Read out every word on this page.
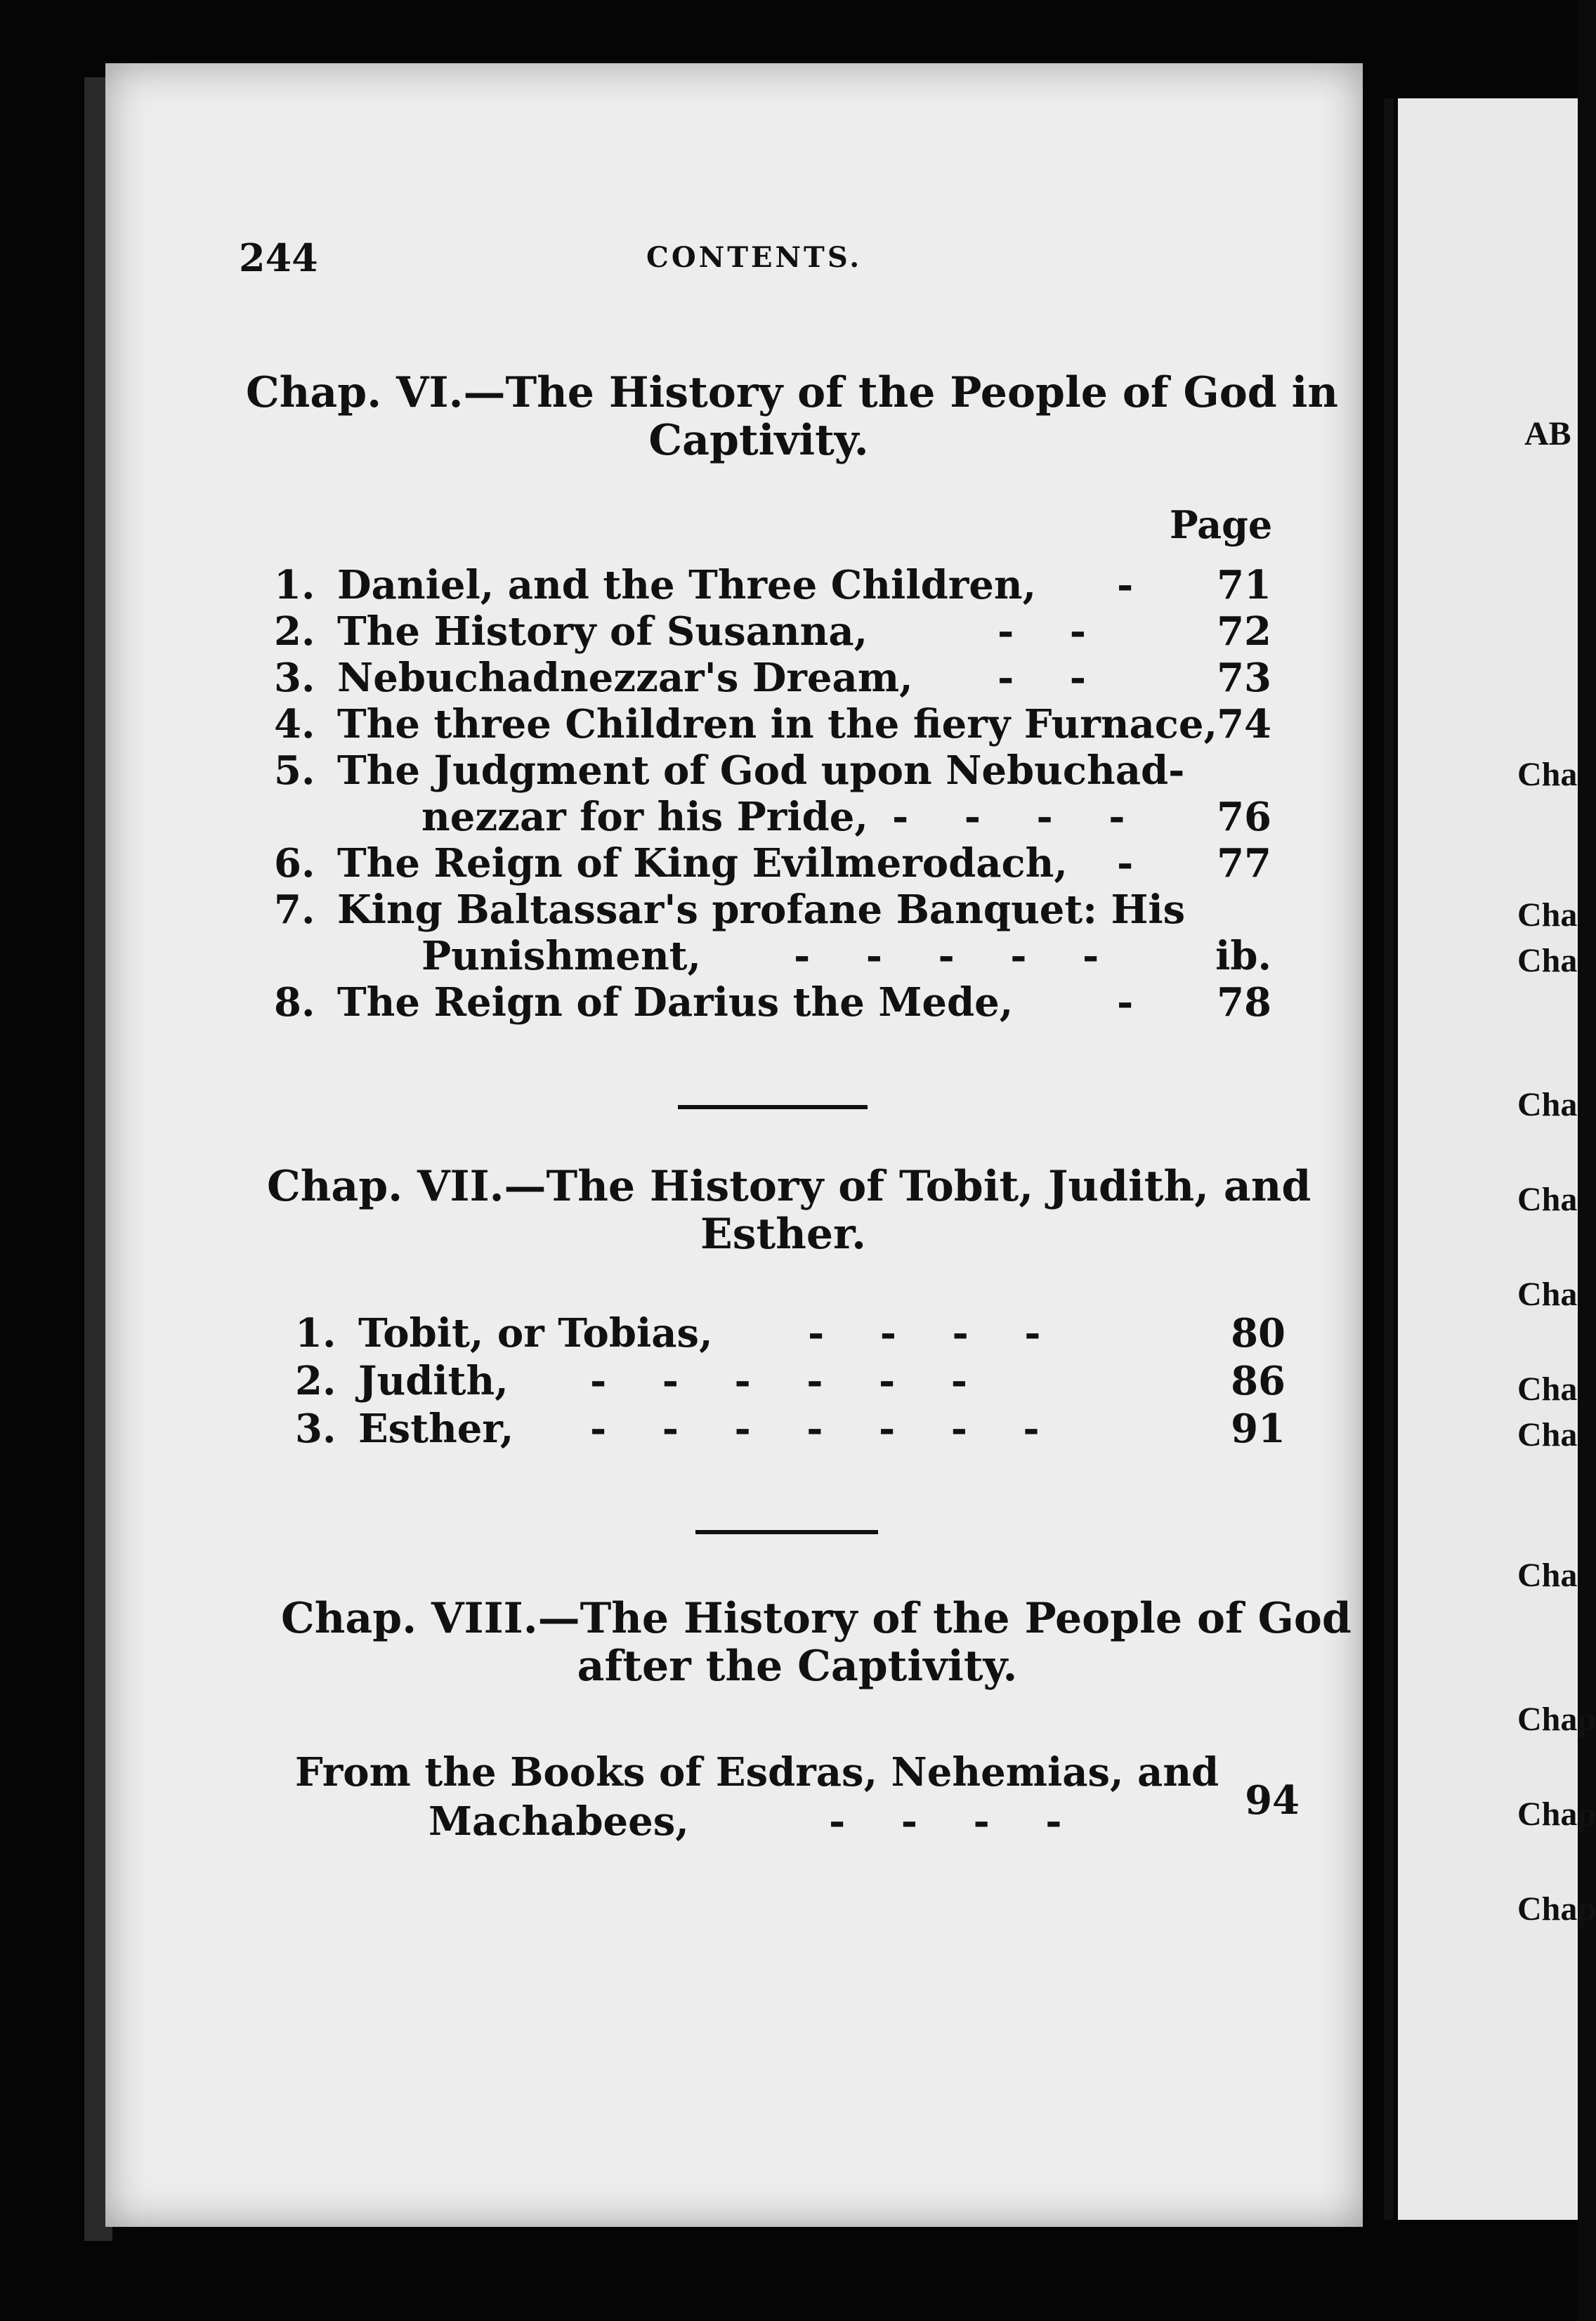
AB
Cha
Cha
Cha
Cha
Cha
Cha
Cha
Cha
Cha
Chap
Chap
Chap
244	CONTENTS.
Chap. VI.—The History of the People of God in
Captivity.
Page
1. Daniel, and the Three Children, -	71
2. The History of Susanna,	- -	72
3. Nebuchadnezzar's Dream, - -	73
4. The three Children in the fiery Furnace, 74
5. The Judgment of God upon Nebuchad-
nezzar for his Pride, - - - -	76
6. The Reign of King Evilmerodach, -	77
7. King Baltassar's profane Banquet: His
Punishment, - - - - -	ib.
8. The Reign of Darius the Mede,	-	78
Chap. VII.—The History of Tobit, Judith, and
Esther.
1. Tobit, or Tobias, - - - -	80
2. Judith, - - - - - -	86
3. Esther, - - - - - - -	91
Chap. VIII.—The History of the People of God
after the Captivity.
From the Books of Esdras, Nehemias, and
Machabees,	- - - -	94
